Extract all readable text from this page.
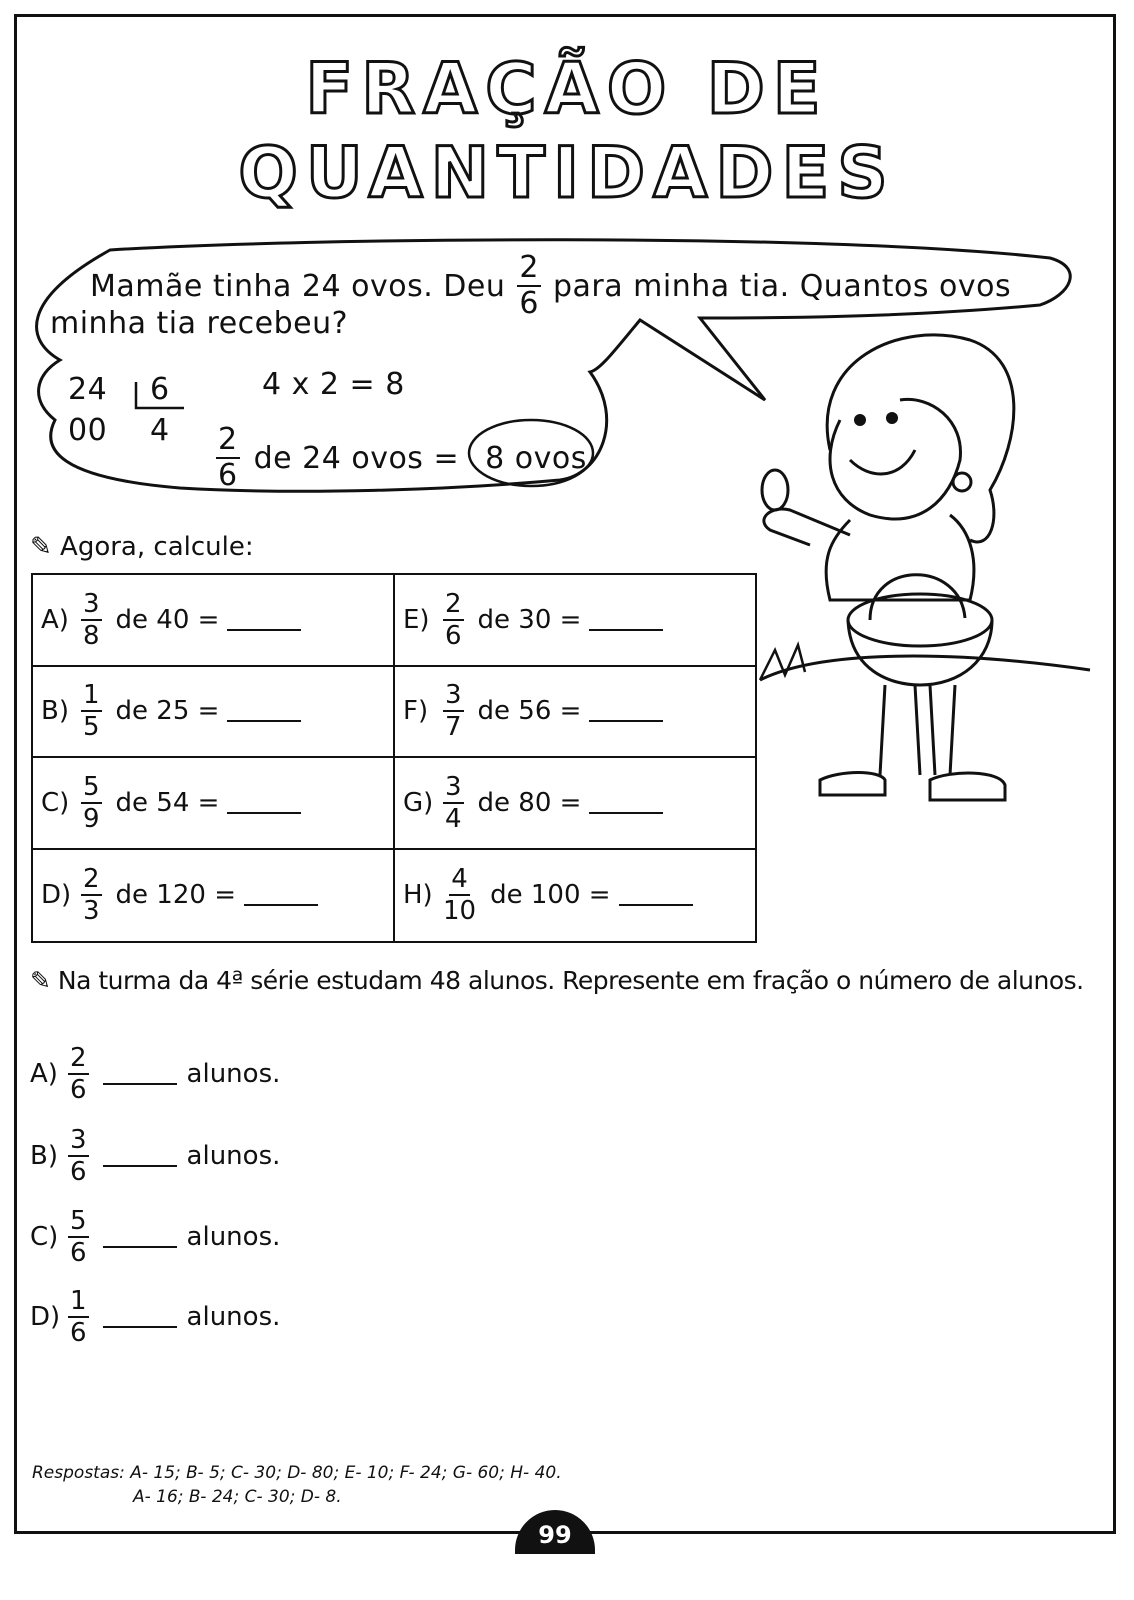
FRAÇÃO DE
QUANTIDADES
Mamãe tinha 24 ovos. Deu $\frac{2}{6}$ para minha tia. Quantos ovos
minha tia recebeu?
24
00
6
4
4 x 2 = 8
$\frac{2}{6}$ de 24 ovos = 8 ovos
✎ Agora, calcule:
$A) \frac{3}{8}$ de 40 =	$E) \frac{2}{6}$ de 30 =
$B) \frac{1}{5}$ de 25 =	$F) \frac{3}{7}$ de 56 =
$C) \frac{5}{9}$ de 54 =	$G) \frac{3}{4}$ de 80 =
$D) \frac{2}{3}$ de 120 =	$H) \frac{4}{10}$ de 100 =
✎ Na turma da 4ª série estudam 48 alunos. Represente em fração o número de alunos.
$A) \frac{2}{6}$	alunos.
$B) \frac{3}{6}$	alunos.
$C) \frac{5}{6}$	alunos.
$D) \frac{1}{6}$	alunos.
Respostas: A- 15; B- 5; C- 30; D- 80; E- 10; F- 24; G- 60; H- 40.
A- 16; B- 24; C- 30; D- 8.
99
